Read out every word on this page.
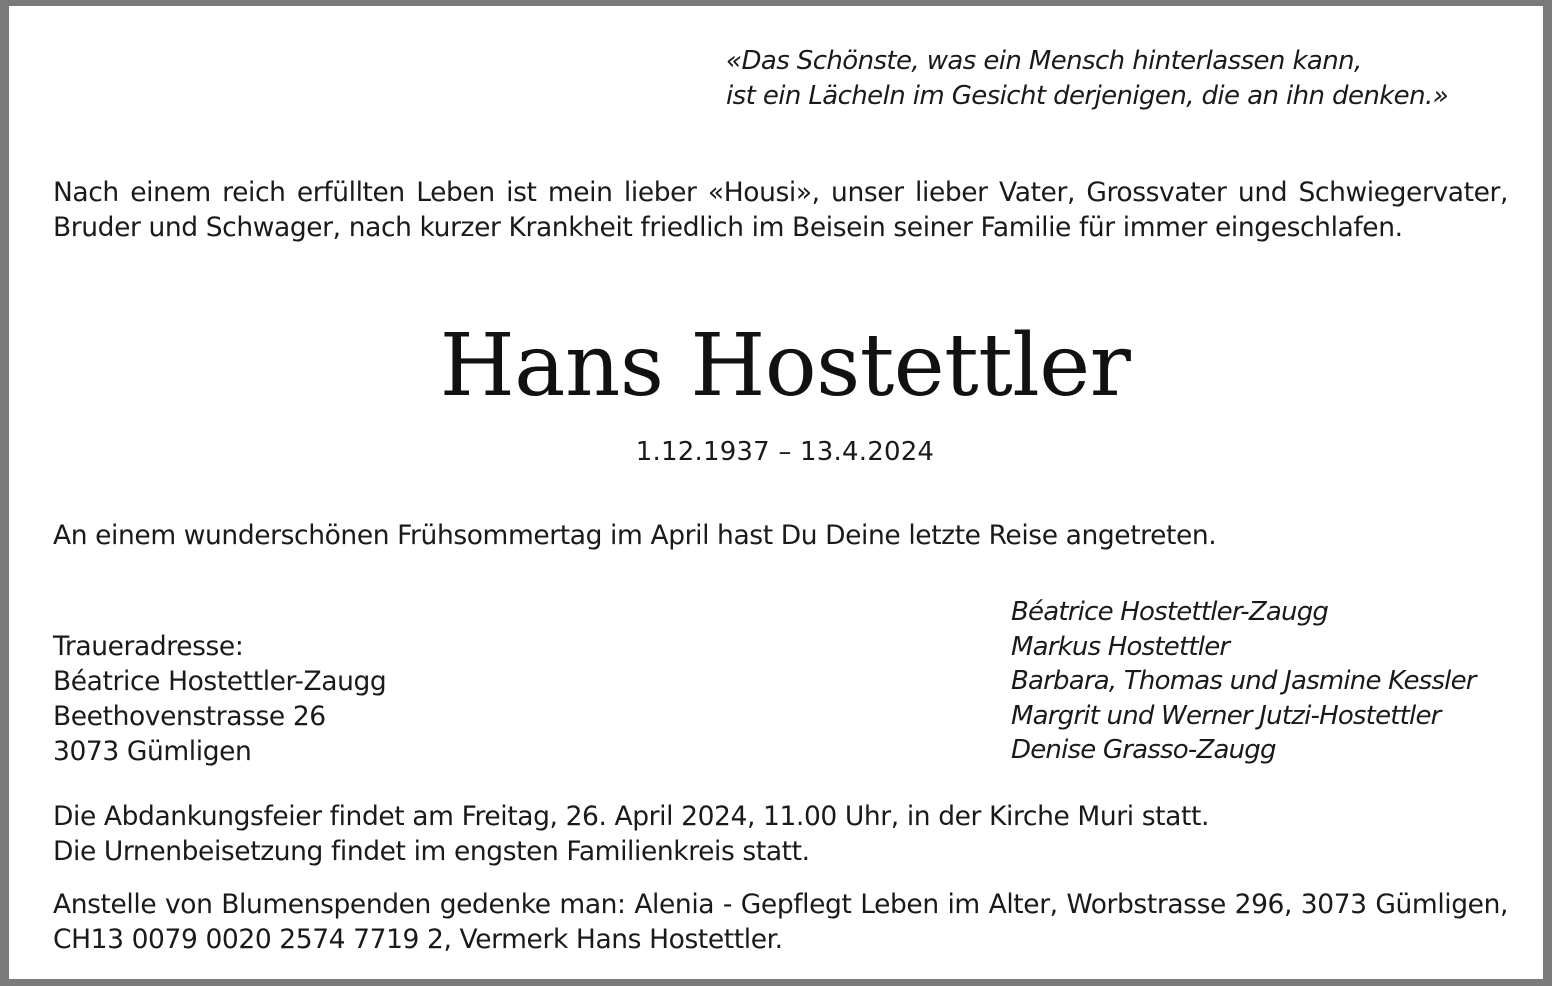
«Das Schönste, was ein Mensch hinterlassen kann,
ist ein Lächeln im Gesicht derjenigen, die an ihn denken.»
Nach einem reich erfüllten Leben ist mein lieber «Housi», unser lieber Vater, Grossvater und Schwiegervater, Bruder und Schwager, nach kurzer Krankheit friedlich im Beisein seiner Familie für immer eingeschlafen.
Hans Hostettler
1.12.1937 – 13.4.2024
An einem wunderschönen Frühsommertag im April hast Du Deine letzte Reise angetreten.
Traueradresse:
Béatrice Hostettler-Zaugg
Beethovenstrasse 26
3073 Gümligen
Béatrice Hostettler-Zaugg
Markus Hostettler
Barbara, Thomas und Jasmine Kessler
Margrit und Werner Jutzi-Hostettler
Denise Grasso-Zaugg
Die Abdankungsfeier findet am Freitag, 26. April 2024, 11.00 Uhr, in der Kirche Muri statt.
Die Urnenbeisetzung findet im engsten Familienkreis statt.
Anstelle von Blumenspenden gedenke man: Alenia - Gepflegt Leben im Alter, Worbstrasse 296, 3073 Gümligen, CH13 0079 0020 2574 7719 2, Vermerk Hans Hostettler.
